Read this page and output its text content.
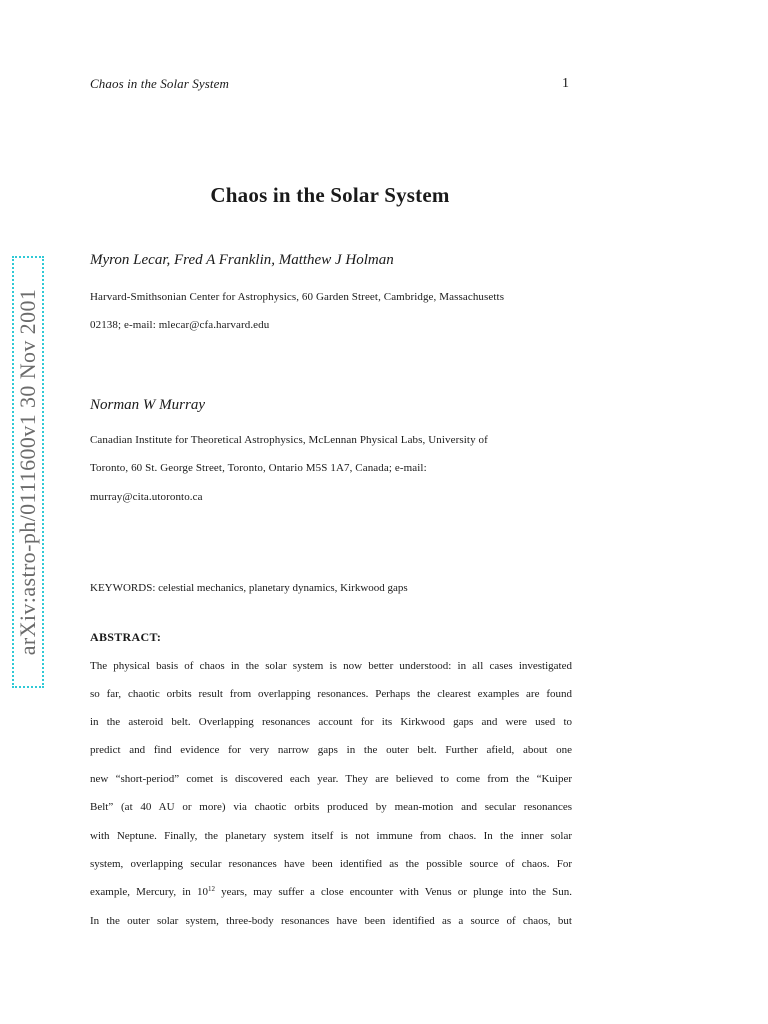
Chaos in the Solar System	1
Chaos in the Solar System
Myron Lecar, Fred A Franklin, Matthew J Holman
Harvard-Smithsonian Center for Astrophysics, 60 Garden Street, Cambridge, Massachusetts
02138; e-mail: mlecar@cfa.harvard.edu
Norman W Murray
Canadian Institute for Theoretical Astrophysics, McLennan Physical Labs, University of
Toronto, 60 St. George Street, Toronto, Ontario M5S 1A7, Canada; e-mail:
murray@cita.utoronto.ca
KEYWORDS: celestial mechanics, planetary dynamics, Kirkwood gaps
ABSTRACT:
The physical basis of chaos in the solar system is now better understood: in all cases investigated
so far, chaotic orbits result from overlapping resonances. Perhaps the clearest examples are found
in the asteroid belt. Overlapping resonances account for its Kirkwood gaps and were used to
predict and find evidence for very narrow gaps in the outer belt. Further afield, about one
new “short-period” comet is discovered each year. They are believed to come from the “Kuiper
Belt” (at 40 AU or more) via chaotic orbits produced by mean-motion and secular resonances
with Neptune. Finally, the planetary system itself is not immune from chaos. In the inner solar
system, overlapping secular resonances have been identified as the possible source of chaos. For
example, Mercury, in $10^{12}$ years, may suffer a close encounter with Venus or plunge into the Sun.
In the outer solar system, three-body resonances have been identified as a source of chaos, but
arXiv:astro-ph/0111600v1 30 Nov 2001
